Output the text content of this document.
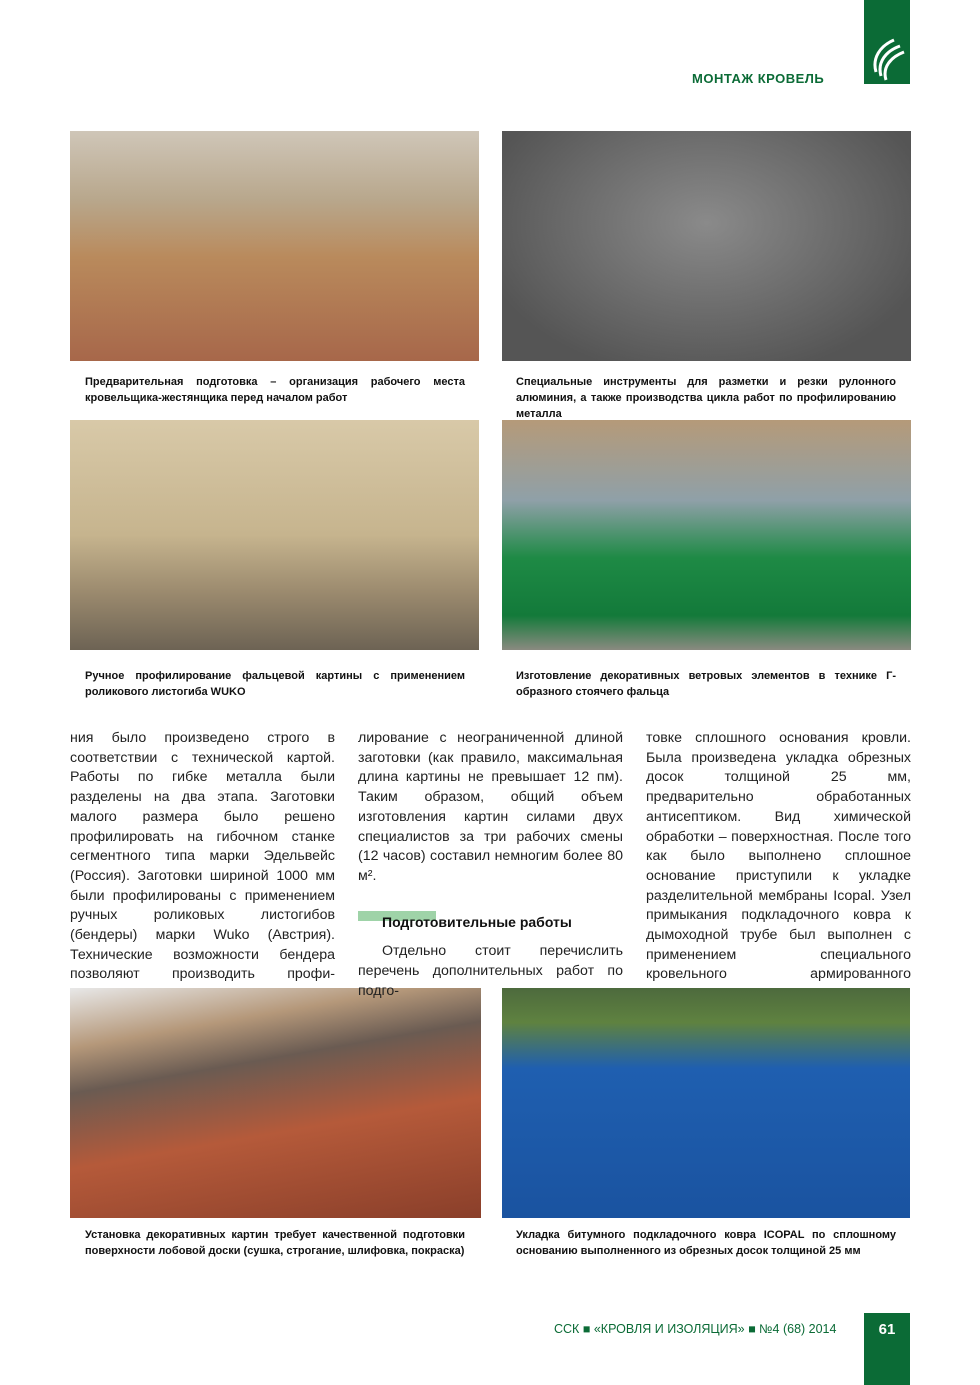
МОНТАЖ КРОВЕЛЬ
Предварительная подготовка – организация рабочего места кровельщика-жестянщика перед началом работ
Специальные инструменты для разметки и резки рулонного алюминия, а также производства цикла работ по профилированию металла
Ручное профилирование фальцевой картины с применением роликового листогиба WUKO
Изготовление декоративных ветровых элементов в технике Г-образного стоячего фальца
Установка декоративных картин требует качественной подготовки поверхности лобовой доски (сушка, строгание, шлифовка, покраска)
Укладка битумного подкладочного ковра ICOPAL по сплошному основанию выполненного из обрезных досок толщиной 25 мм

ния было произведено строго в соответствии с технической картой. Работы по гибке металла были разделены на два этапа. Заготовки малого размера было решено профилировать на гибочном станке сегментного типа марки Эдельвейс (Россия). Заготовки шириной 1000 мм были профилированы с применением ручных роликовых листогибов (бендеры) марки Wuko (Австрия). Технические возможности бендера позволяют производить профи-

лирование с неограниченной длиной заготовки (как правило, максимальная длина картины не превышает 12 пм). Таким образом, общий объем изготовления картин силами двух специалистов за три рабочих смены (12 часов) составил немногим более 80 м².

Подготовительные работы

Отдельно стоит перечислить перечень дополнительных работ по подго-

товке сплошного основания кровли. Была произведена укладка обрезных досок толщиной 25 мм, предварительно обработанных антисептиком. Вид химической обработки – поверхностная. После того как было выполнено сплошное основание приступили к укладке разделительной мембраны Icopal. Узел примыкания подкладочного ковра к дымоходной трубе был выполнен с применением специального кровельного армированного

ССК ■ «КРОВЛЯ И ИЗОЛЯЦИЯ» ■ №4 (68) 2014	61
